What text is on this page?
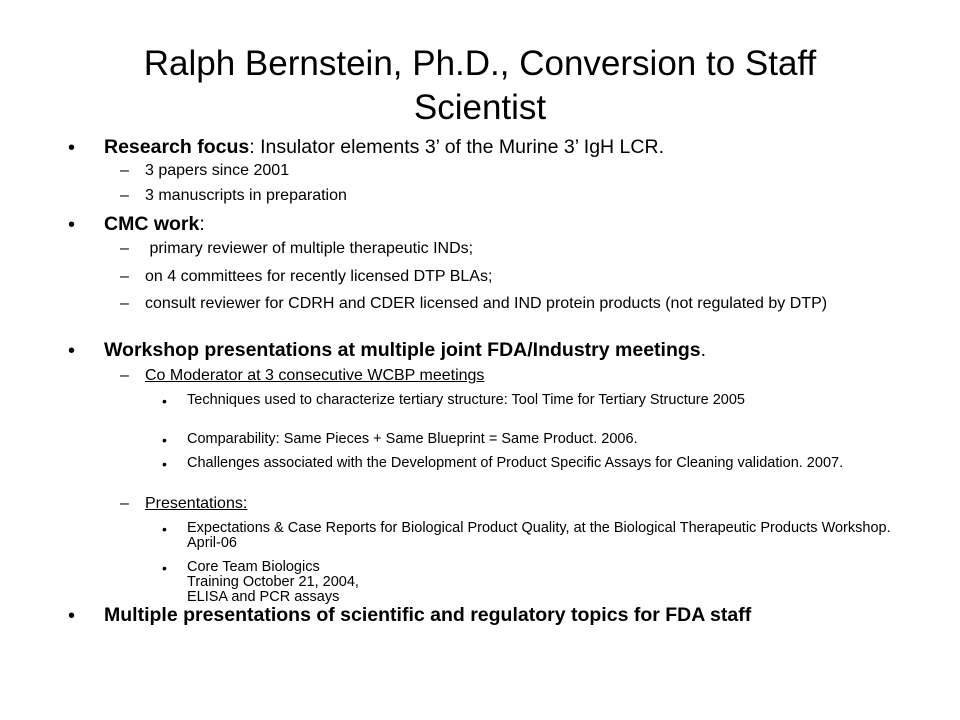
Ralph Bernstein, Ph.D., Conversion to Staff Scientist
• Research focus: Insulator elements 3’ of the Murine 3’ IgH LCR.
– 3 papers since 2001
– 3 manuscripts in preparation
• CMC work:
– primary reviewer of multiple therapeutic INDs;
– on 4 committees for recently licensed DTP BLAs;
– consult reviewer for CDRH and CDER licensed and IND protein products (not regulated by DTP)
• Workshop presentations at multiple joint FDA/Industry meetings.
– Co Moderator at 3 consecutive WCBP meetings
• Techniques used to characterize tertiary structure: Tool Time for Tertiary Structure 2005
• Comparability: Same Pieces + Same Blueprint = Same Product. 2006.
• Challenges associated with the Development of Product Specific Assays for Cleaning validation. 2007.
– Presentations:
• Expectations & Case Reports for Biological Product Quality, at the Biological Therapeutic Products Workshop. April-06
• Core Team Biologics Training October 21, 2004, ELISA and PCR assays
• Multiple presentations of scientific and regulatory topics for FDA staff
